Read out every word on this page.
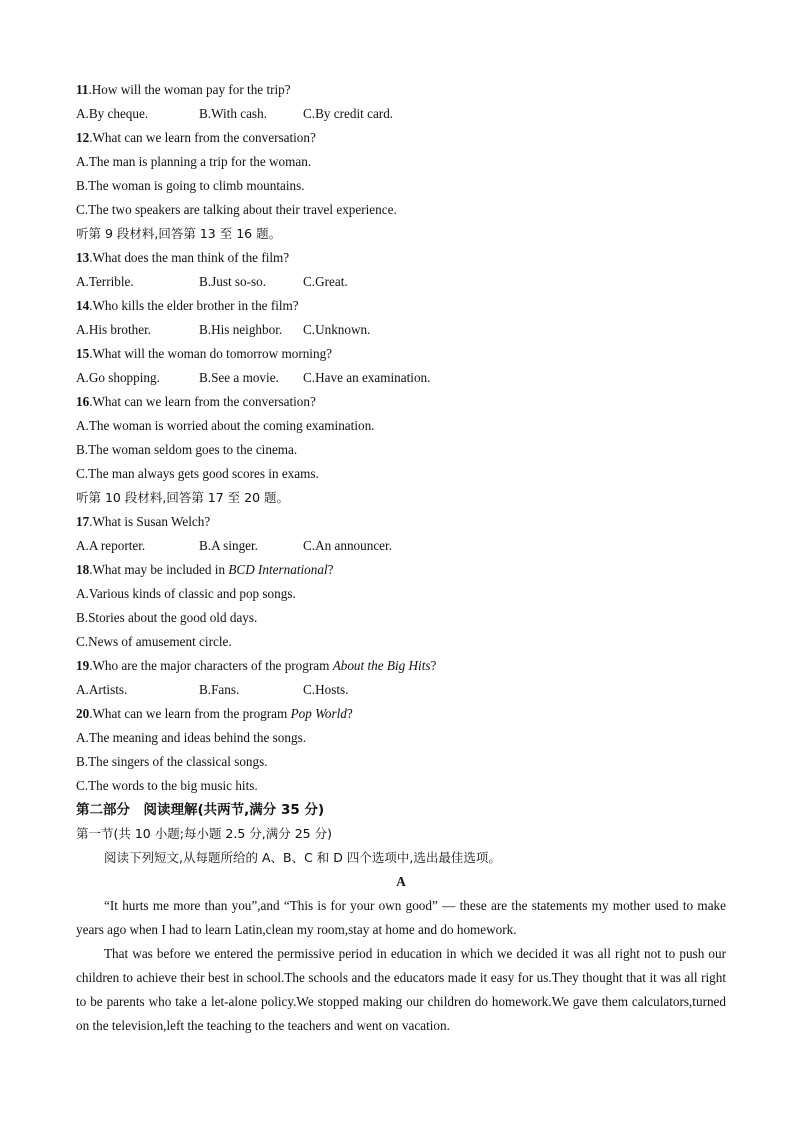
11.How will the woman pay for the trip?
A.By cheque.	B.With cash.	C.By credit card.
12.What can we learn from the conversation?
A.The man is planning a trip for the woman.
B.The woman is going to climb mountains.
C.The two speakers are talking about their travel experience.
听第 9 段材料,回答第 13 至 16 题。
13.What does the man think of the film?
A.Terrible.	B.Just so-so.	C.Great.
14.Who kills the elder brother in the film?
A.His brother.	B.His neighbor.	C.Unknown.
15.What will the woman do tomorrow morning?
A.Go shopping.	B.See a movie.	C.Have an examination.
16.What can we learn from the conversation?
A.The woman is worried about the coming examination.
B.The woman seldom goes to the cinema.
C.The man always gets good scores in exams.
听第 10 段材料,回答第 17 至 20 题。
17.What is Susan Welch?
A.A reporter.	B.A singer.	C.An announcer.
18.What may be included in BCD International?
A.Various kinds of classic and pop songs.
B.Stories about the good old days.
C.News of amusement circle.
19.Who are the major characters of the program About the Big Hits?
A.Artists.	B.Fans.	C.Hosts.
20.What can we learn from the program Pop World?
A.The meaning and ideas behind the songs.
B.The singers of the classical songs.
C.The words to the big music hits.
第二部分　阅读理解(共两节,满分 35 分)
第一节(共 10 小题;每小题 2.5 分,满分 25 分)
阅读下列短文,从每题所给的 A、B、C 和 D 四个选项中,选出最佳选项。
A
“It hurts me more than you”,and “This is for your own good” — these are the statements my mother used to make years ago when I had to learn Latin,clean my room,stay at home and do homework.
That was before we entered the permissive period in education in which we decided it was all right not to push our children to achieve their best in school.The schools and the educators made it easy for us.They thought that it was all right to be parents who take a let-alone policy.We stopped making our children do homework.We gave them calculators,turned on the television,left the teaching to the teachers and went on vacation.
